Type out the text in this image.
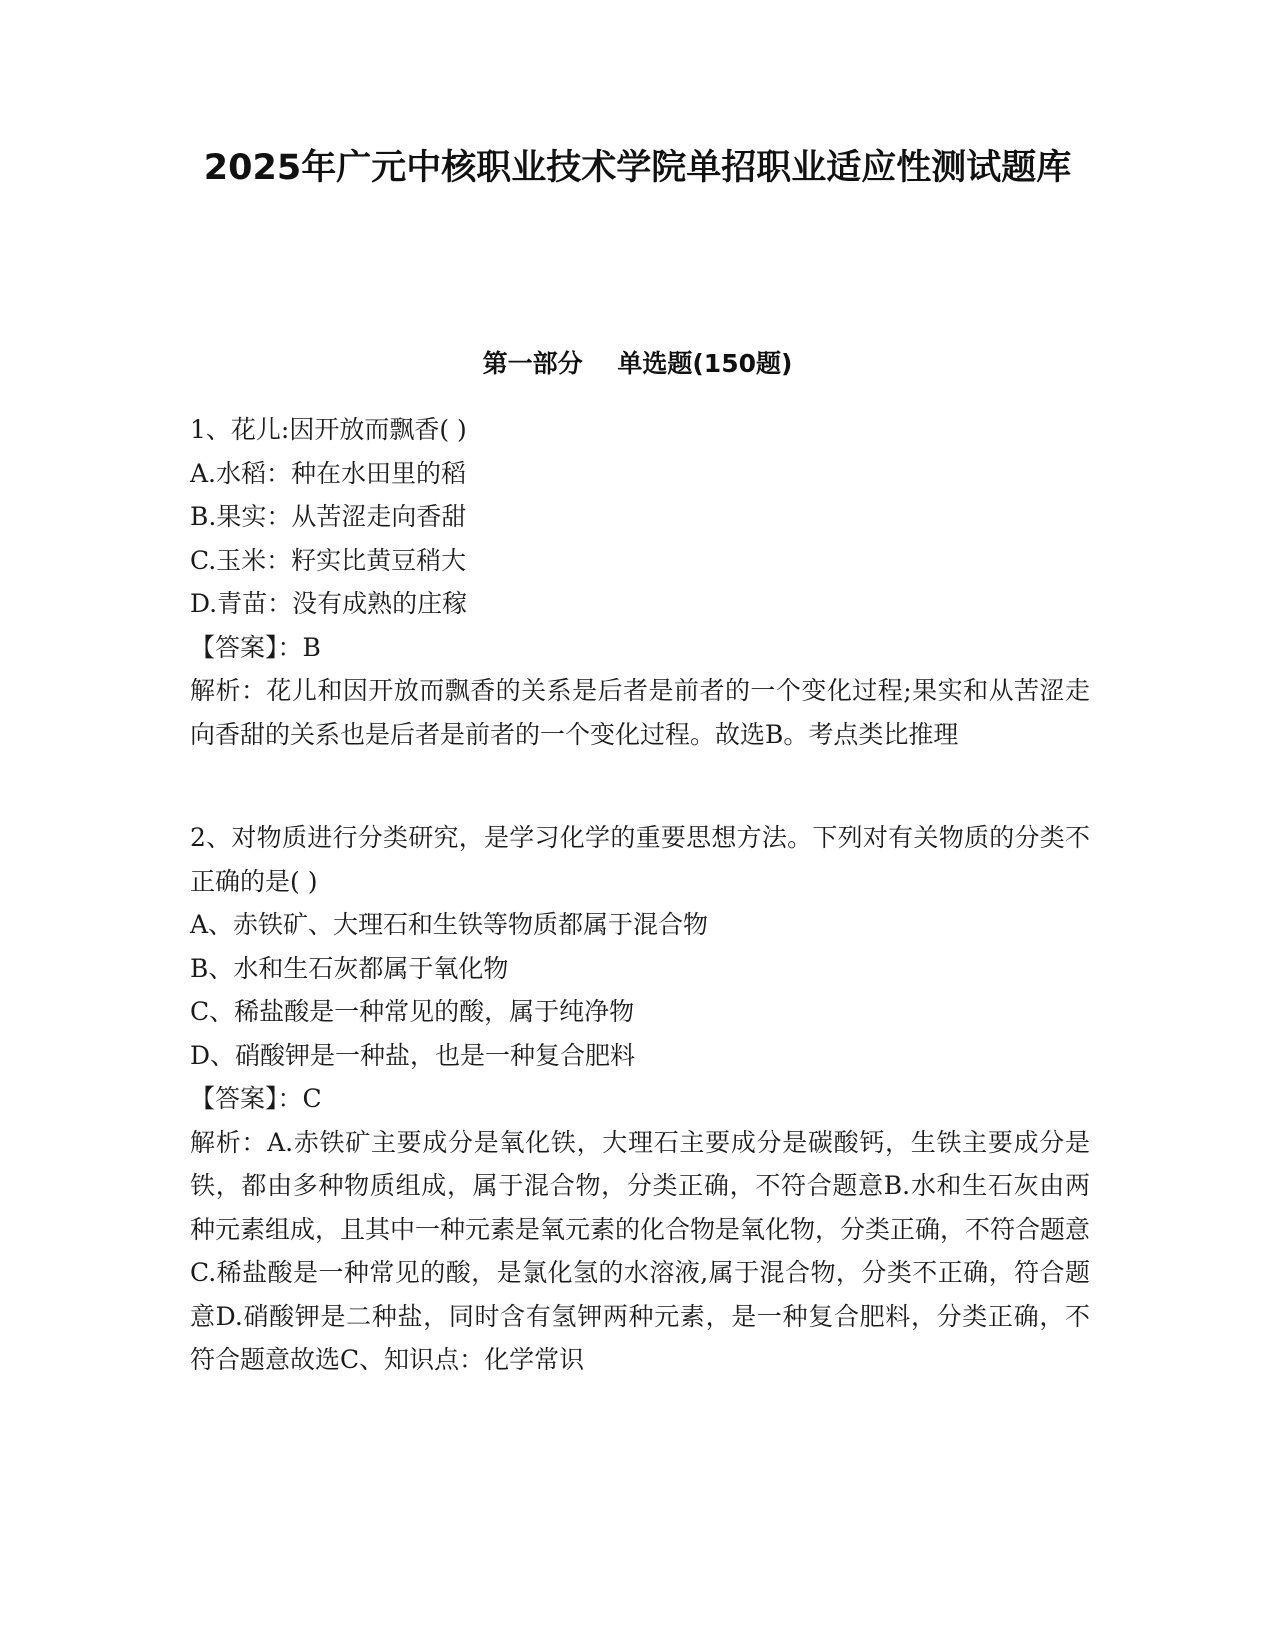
2025年广元中核职业技术学院单招职业适应性测试题库
第一部分    单选题(150题)

1、花儿:因开放而飘香( )

A.水稻：种在水田里的稻

B.果实：从苦涩走向香甜

C.玉米：籽实比黄豆稍大

D.青苗：没有成熟的庄稼

【答案】：B

解析：花儿和因开放而飘香的关系是后者是前者的一个变化过程;果实和从苦涩走向香甜的关系也是后者是前者的一个变化过程。故选B。考点类比推理

2、对物质进行分类研究，是学习化学的重要思想方法。下列对有关物质的分类不正确的是( )

A、赤铁矿、大理石和生铁等物质都属于混合物

B、水和生石灰都属于氧化物

C、稀盐酸是一种常见的酸，属于纯净物

D、硝酸钾是一种盐，也是一种复合肥料

【答案】：C

解析：A.赤铁矿主要成分是氧化铁，大理石主要成分是碳酸钙，生铁主要成分是铁，都由多种物质组成，属于混合物，分类正确，不符合题意B.水和生石灰由两种元素组成，且其中一种元素是氧元素的化合物是氧化物，分类正确，不符合题意C.稀盐酸是一种常见的酸，是氯化氢的水溶液,属于混合物，分类不正确，符合题意D.硝酸钾是二种盐，同时含有氢钾两种元素，是一种复合肥料，分类正确，不符合题意故选C、知识点：化学常识
